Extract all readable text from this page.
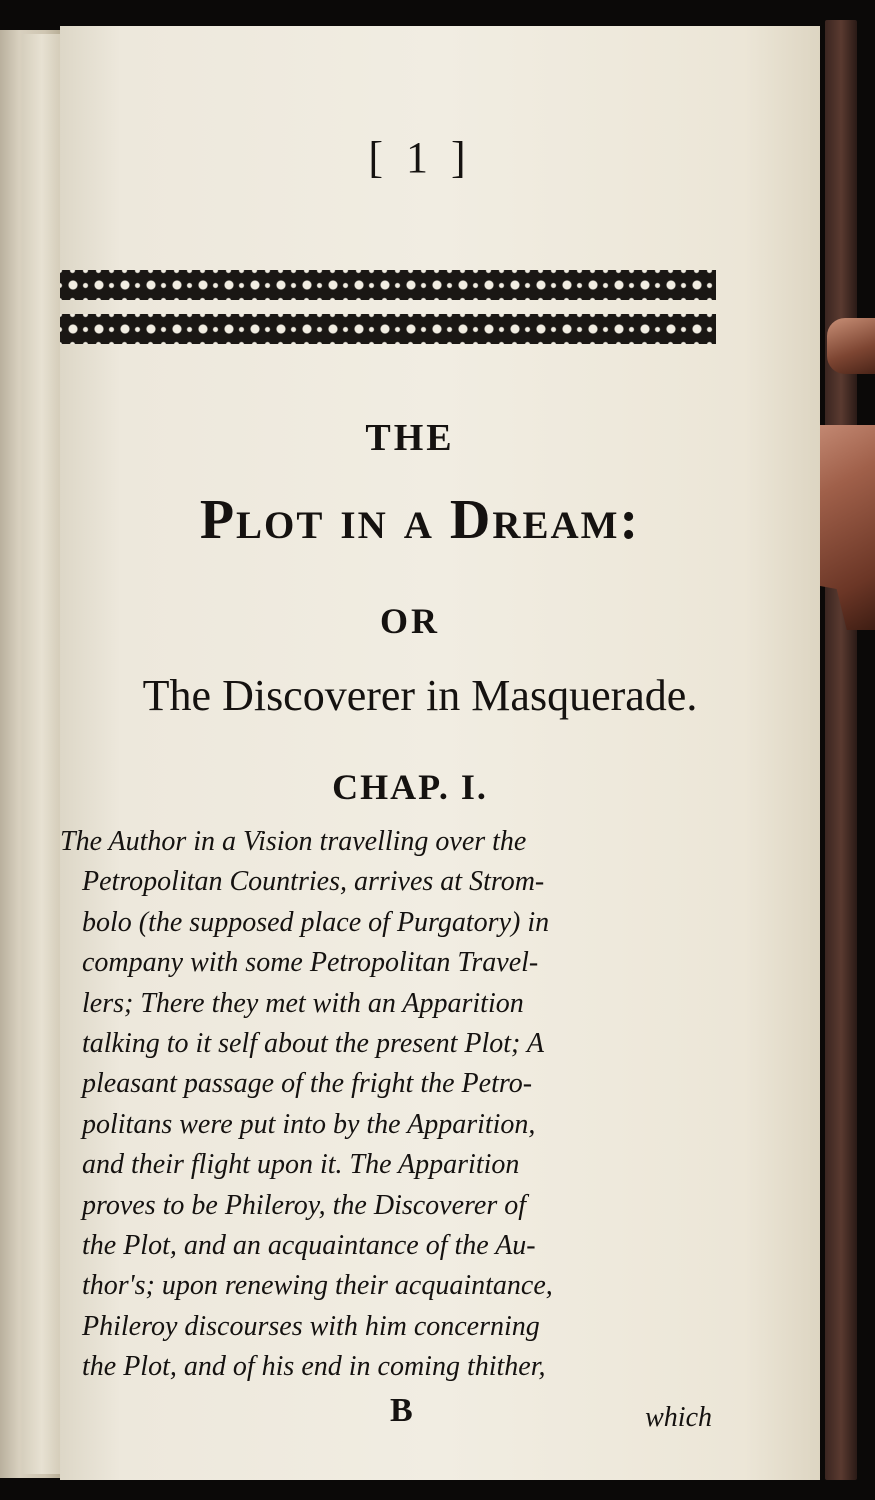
[ 1 ]
THE
Plot in a Dream:
OR
The Discoverer in Masquerade.
CHAP. I.
The Author in a Vision travelling over the
Petropolitan Countries, arrives at Strom-
bolo (the supposed place of Purgatory) in
company with some Petropolitan Travel-
lers; There they met with an Apparition
talking to it self about the present Plot; A
pleasant passage of the fright the Petro-
politans were put into by the Apparition,
and their flight upon it. The Apparition
proves to be Phileroy, the Discoverer of
the Plot, and an acquaintance of the Au-
thor's; upon renewing their acquaintance,
Phileroy discourses with him concerning
the Plot, and of his end in coming thither,
B	which
